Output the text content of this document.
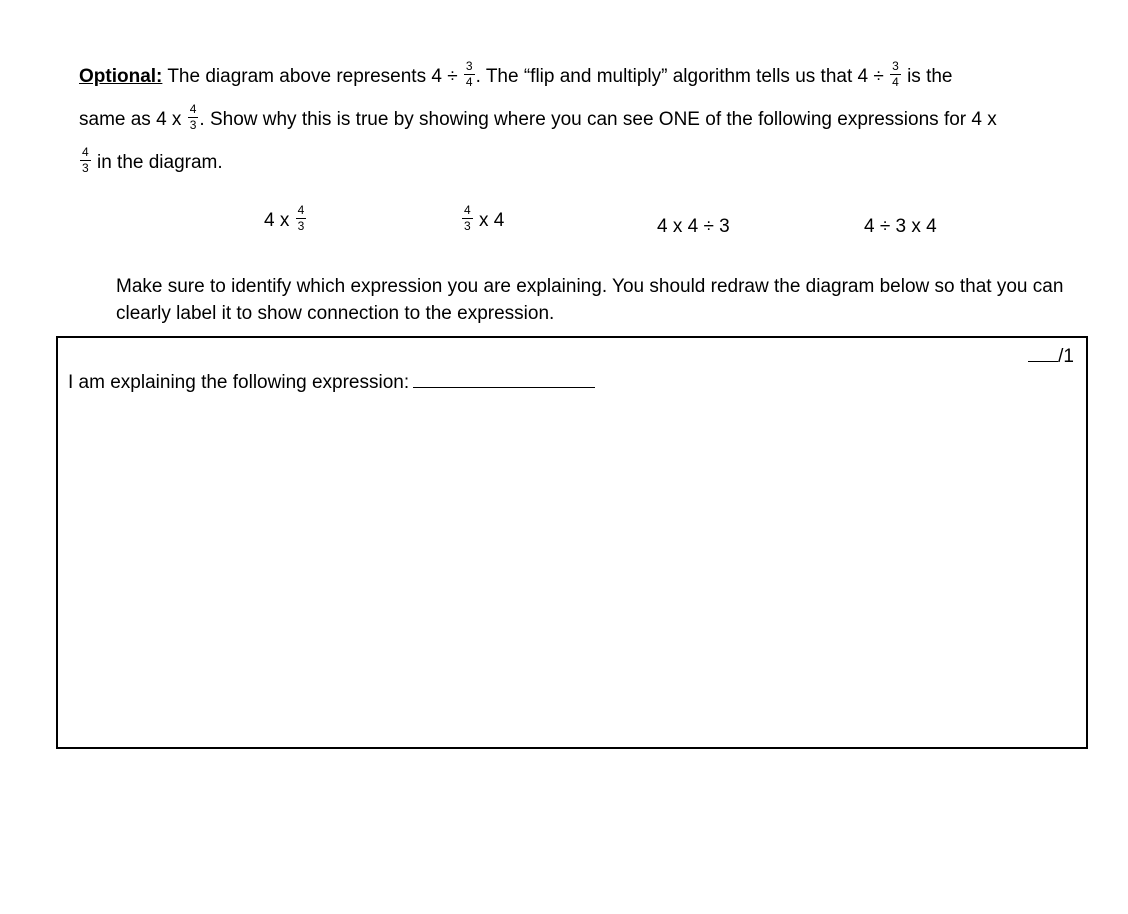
Optional: The diagram above represents $4 \div \frac{3}{4}$ . The “flip and multiply” algorithm tells us that $4 \div \frac{3}{4}$ is the
same as 4 x $\frac{4}{3}$ . Show why this is true by showing where you can see ONE of the following expressions for 4 x
$\frac{4}{3}$ in the diagram.
4 x $\frac{4}{3}$	$\frac{4}{3}$ x 4	4 x 4 ÷ 3	4 ÷ 3 x 4
Make sure to identify which expression you are explaining. You should redraw the diagram below so that you can clearly label it to show connection to the expression.
/1
I am explaining the following expression:
